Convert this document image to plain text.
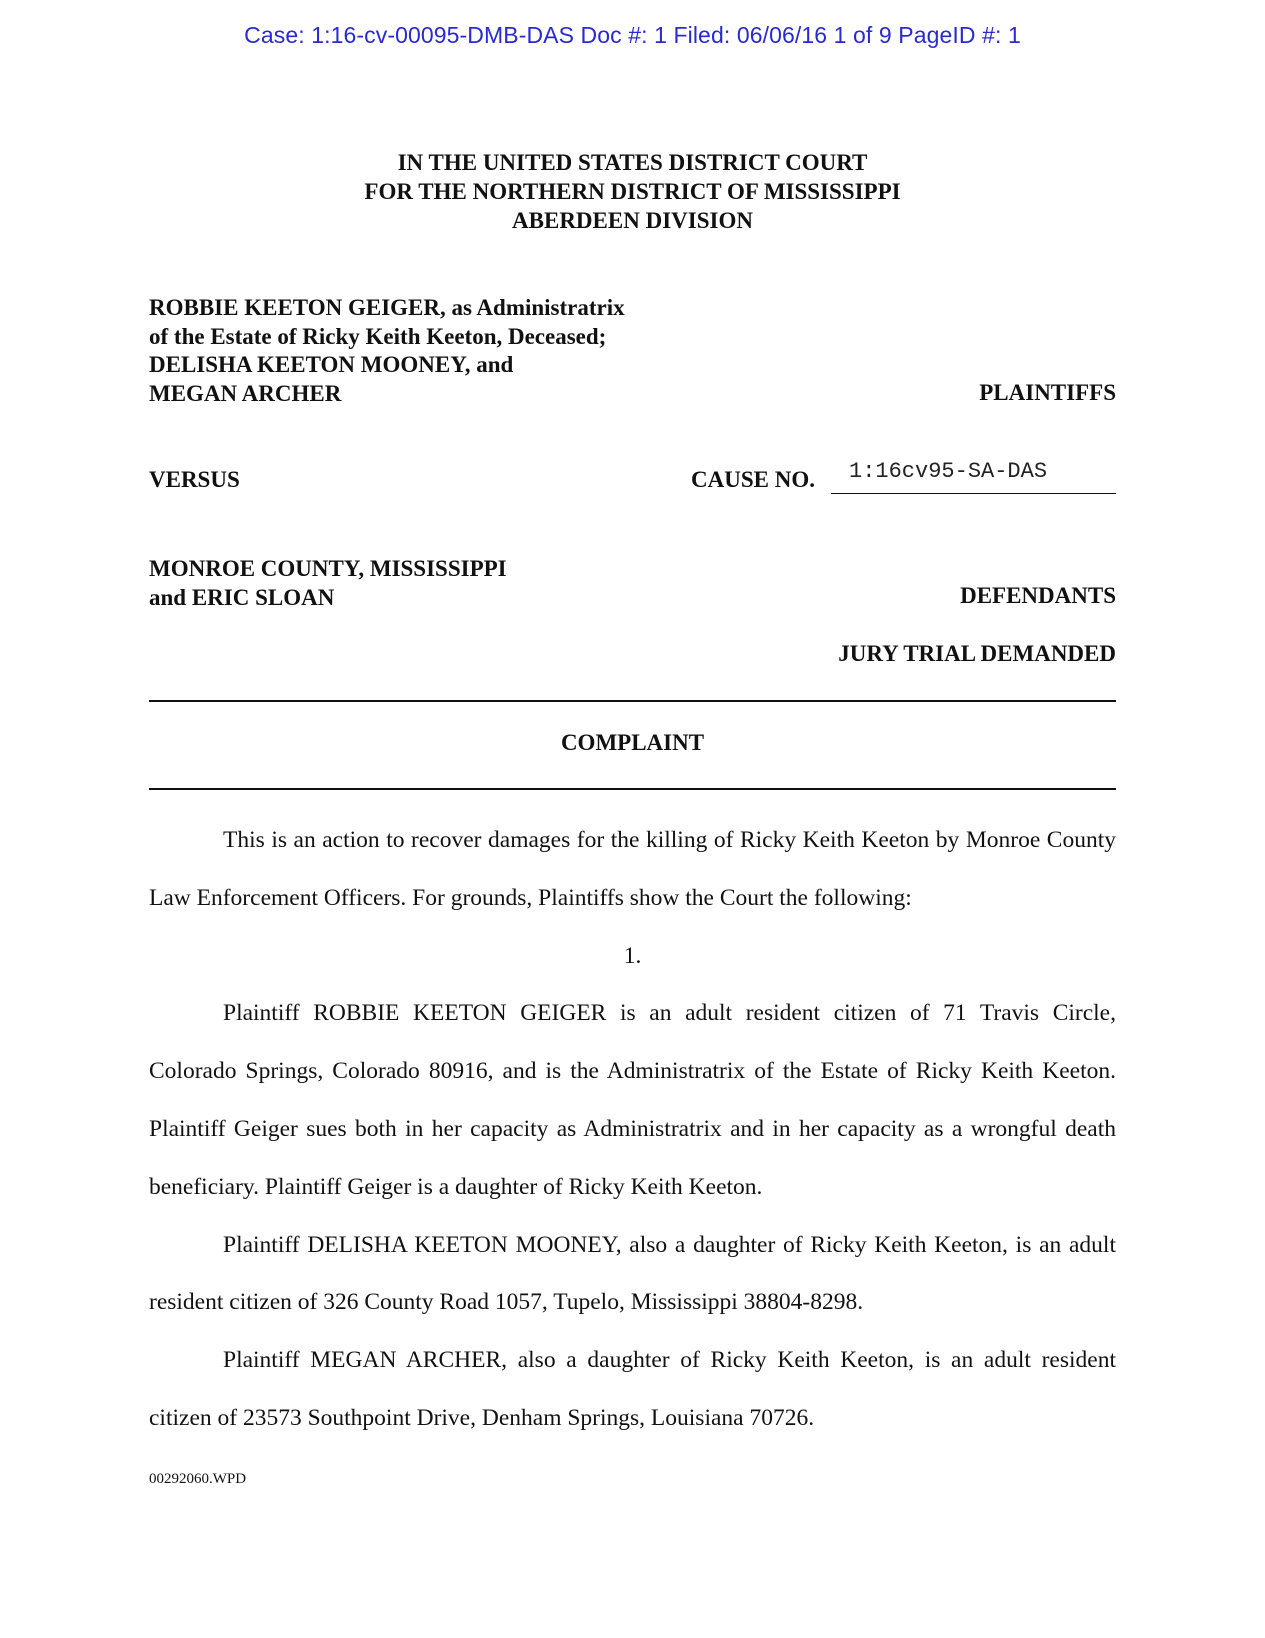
Case: 1:16-cv-00095-DMB-DAS Doc #: 1 Filed: 06/06/16 1 of 9 PageID #: 1
IN THE UNITED STATES DISTRICT COURT
FOR THE NORTHERN DISTRICT OF MISSISSIPPI
ABERDEEN DIVISION
ROBBIE KEETON GEIGER, as Administratrix
of the Estate of Ricky Keith Keeton, Deceased;
DELISHA KEETON MOONEY, and
MEGAN ARCHER	PLAINTIFFS
VERSUS	CAUSE NO. 1:16cv95-SA-DAS
MONROE COUNTY, MISSISSIPPI
and ERIC SLOAN	DEFENDANTS
JURY TRIAL DEMANDED
COMPLAINT

This is an action to recover damages for the killing of Ricky Keith Keeton by Monroe County Law Enforcement Officers. For grounds, Plaintiffs show the Court the following:

1.

Plaintiff ROBBIE KEETON GEIGER is an adult resident citizen of 71 Travis Circle, Colorado Springs, Colorado 80916, and is the Administratrix of the Estate of Ricky Keith Keeton. Plaintiff Geiger sues both in her capacity as Administratrix and in her capacity as a wrongful death beneficiary. Plaintiff Geiger is a daughter of Ricky Keith Keeton.

Plaintiff DELISHA KEETON MOONEY, also a daughter of Ricky Keith Keeton, is an adult resident citizen of 326 County Road 1057, Tupelo, Mississippi 38804-8298.

Plaintiff MEGAN ARCHER, also a daughter of Ricky Keith Keeton, is an adult resident citizen of 23573 Southpoint Drive, Denham Springs, Louisiana 70726.

00292060.WPD
